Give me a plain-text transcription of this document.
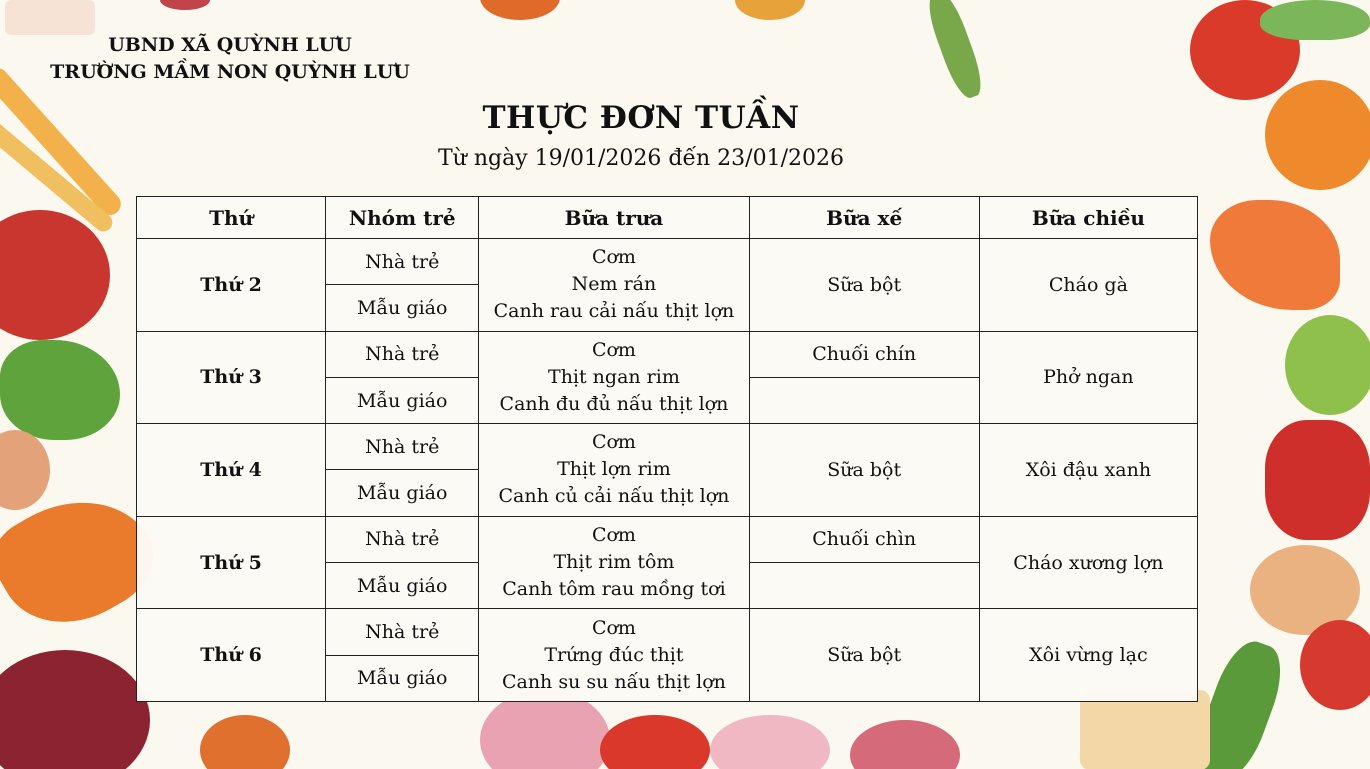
UBND XÃ QUỲNH LƯU
TRƯỜNG MẦM NON QUỲNH LƯU
THỰC ĐƠN TUẦN
Từ ngày 19/01/2026 đến 23/01/2026
Thứ	Nhóm trẻ	Bữa trưa	Bữa xế	Bữa chiều
Thứ 2	Nhà trẻ	Cơm
Nem rán
Canh rau cải nấu thịt lợn	Sữa bột	Cháo gà
	Mẫu giáo			
Thứ 3	Nhà trẻ	Cơm
Thịt ngan rim
Canh đu đủ nấu thịt lợn	Chuối chín	Phở ngan
	Mẫu giáo			
Thứ 4	Nhà trẻ	Cơm
Thịt lợn rim
Canh củ cải nấu thịt lợn	Sữa bột	Xôi đậu xanh
	Mẫu giáo			
Thứ 5	Nhà trẻ	Cơm
Thịt rim tôm
Canh tôm rau mồng tơi	Chuối chìn	Cháo xương lợn
	Mẫu giáo			
Thứ 6	Nhà trẻ	Cơm
Trứng đúc thịt
Canh su su nấu thịt lợn	Sữa bột	Xôi vừng lạc
	Mẫu giáo			
